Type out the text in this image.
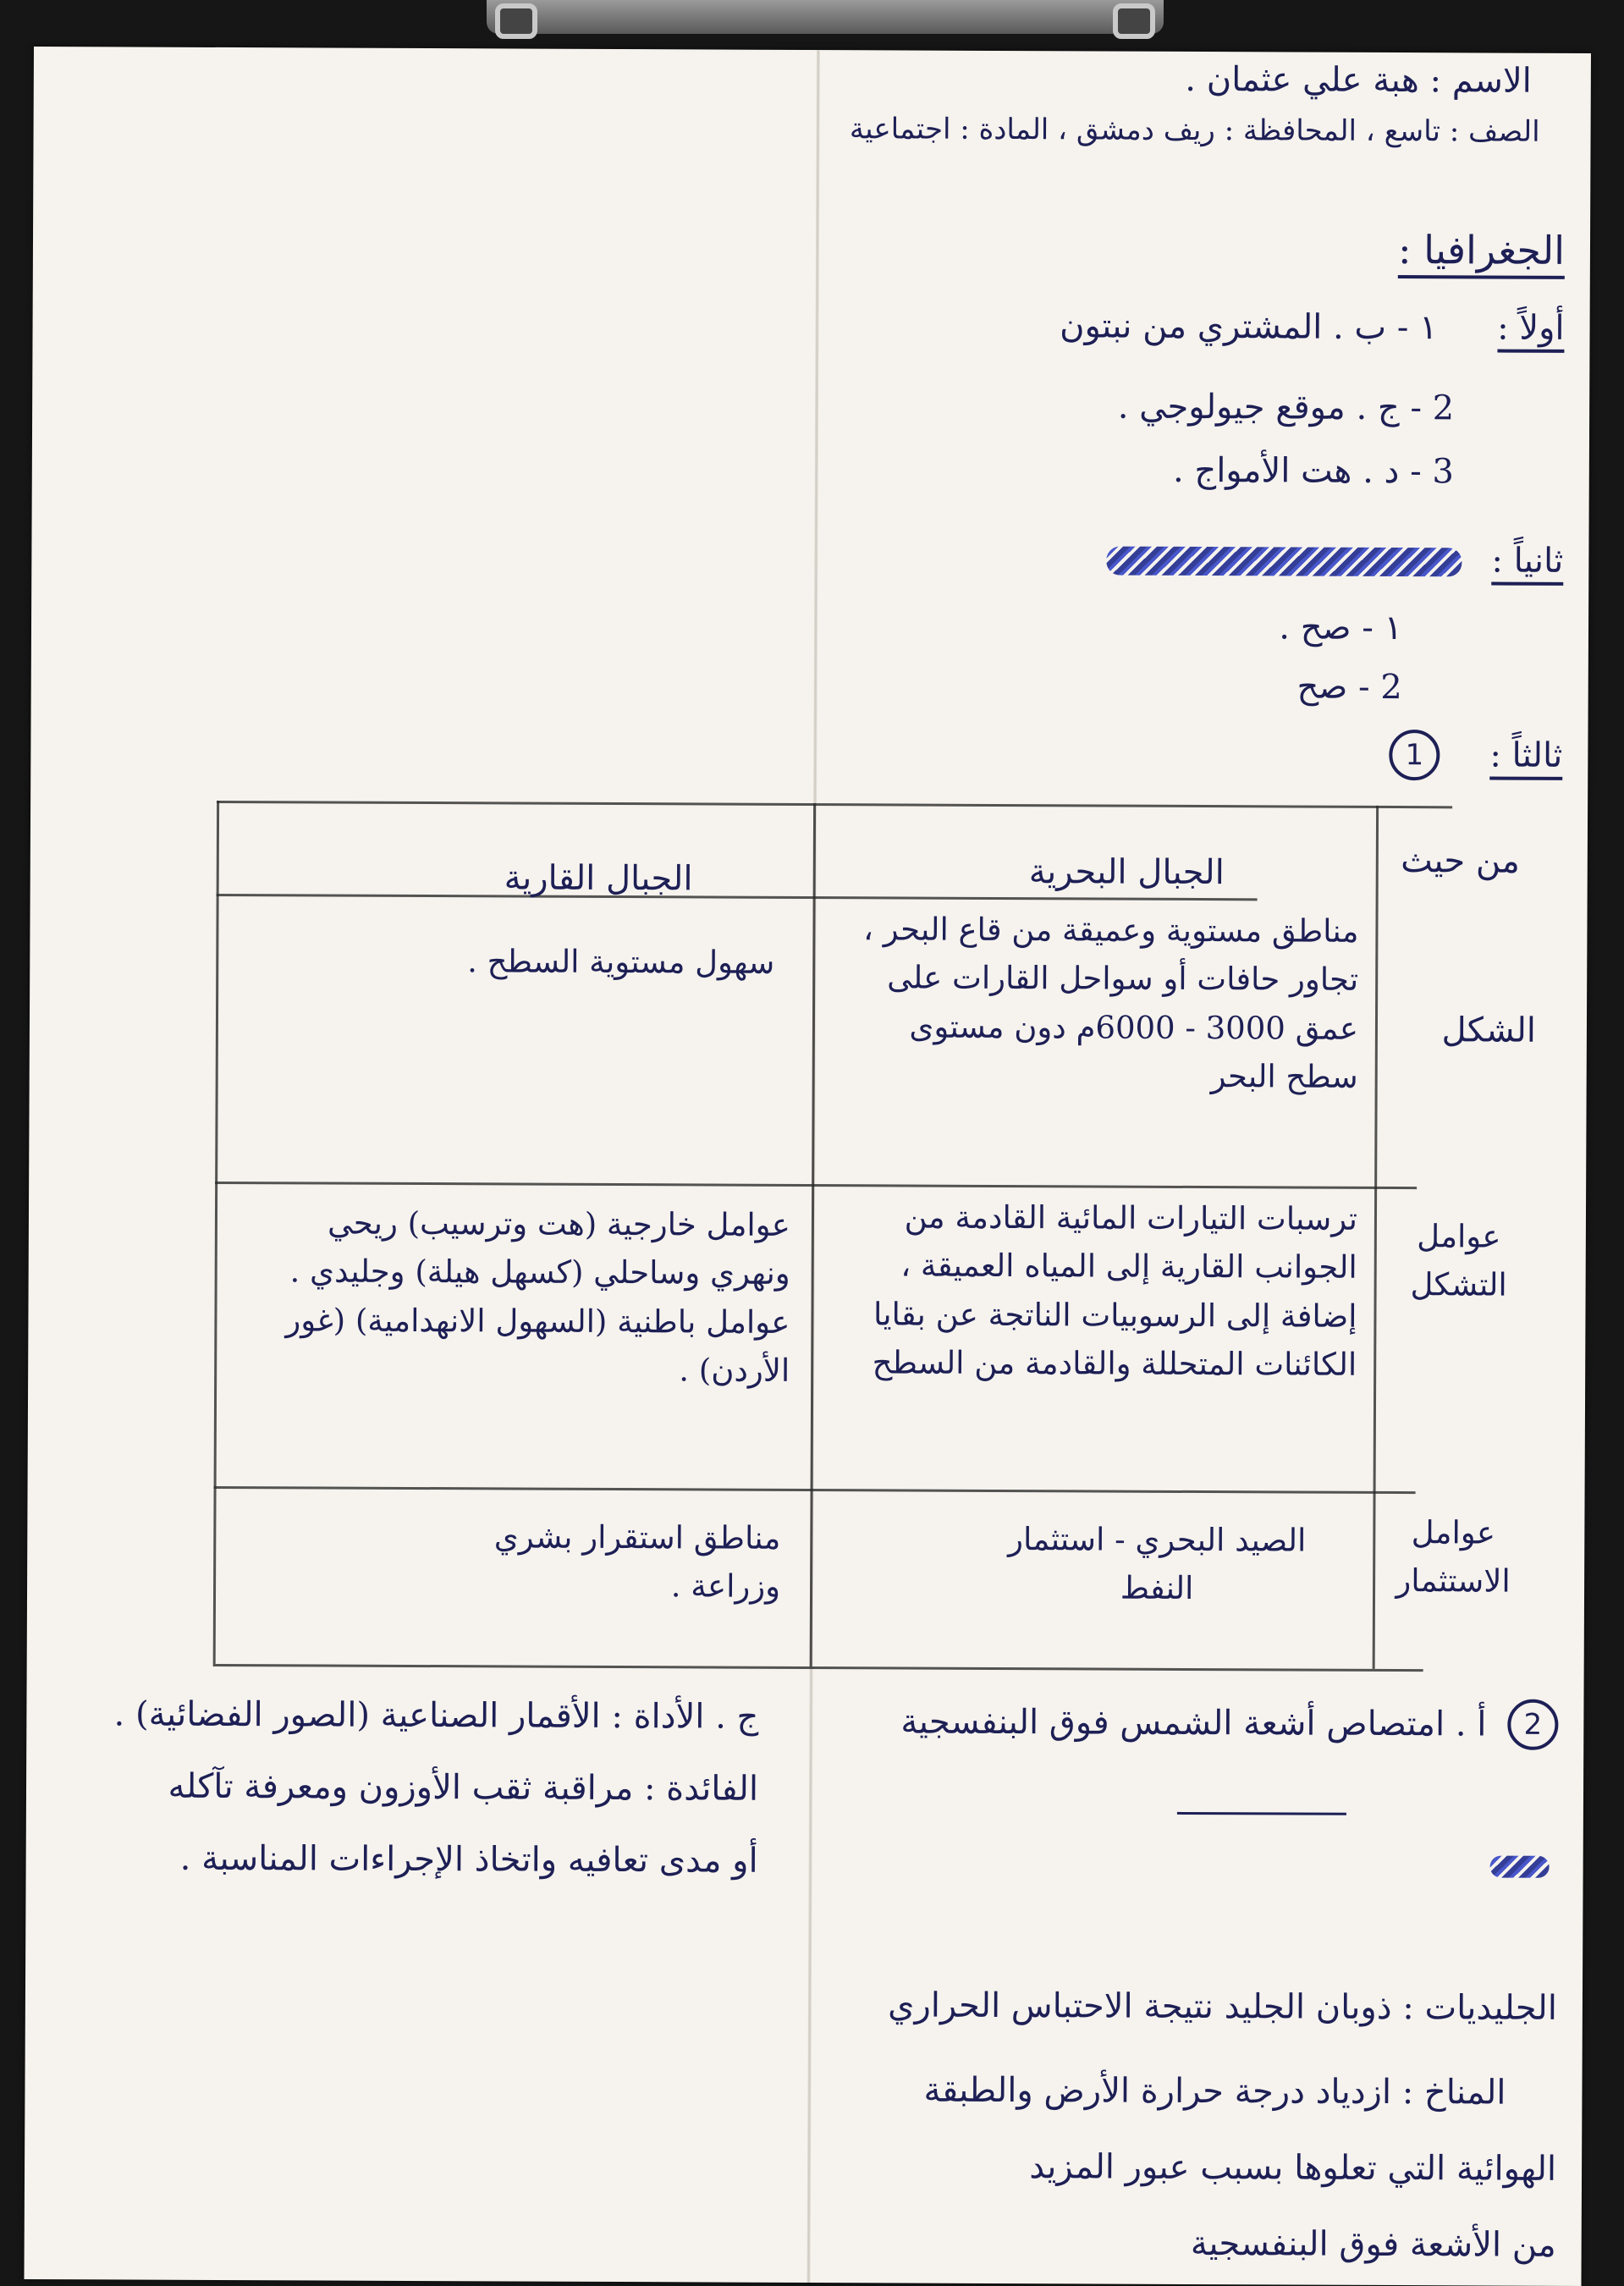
الاسم : هبة علي عثمان .
الصف : تاسع ، المحافظة : ريف دمشق ، المادة : اجتماعية
الجغرافيا :
أولاً :
١ - ب . المشتري من نبتون
2 - ج . موقع جيولوجي .
3 - د . هت الأمواج .
ثانياً :
١ - صح .
2 - صح
ثالثاً :
1
من حيث
الجبال البحرية
الجبال القارية
الشكل
مناطق مستوية وعميقة من قاع البحر ، تجاور حافات أو سواحل القارات على عمق 3000 - 6000م دون مستوى سطح البحر
سهول مستوية السطح .
عوامل التشكل
ترسبات التيارات المائية القادمة من الجوانب القارية إلى المياه العميقة ، إضافة إلى الرسوبيات الناتجة عن بقايا الكائنات المتحللة والقادمة من السطح
عوامل خارجية (هت وترسيب) ريحي ونهري وساحلي (كسهل هيلة) وجليدي . عوامل باطنية (السهول الانهدامية) (غور الأردن) .
عوامل الاستثمار
الصيد البحري - استثمار النفط
مناطق استقرار بشري وزراعة .
2
أ . امتصاص أشعة الشمس فوق البنفسجية
ج . الأداة : الأقمار الصناعية (الصور الفضائية) .
الفائدة : مراقبة ثقب الأوزون ومعرفة تآكله
أو مدى تعافيه واتخاذ الإجراءات المناسبة .
الجليديات : ذوبان الجليد نتيجة الاحتباس الحراري
المناخ : ازدياد درجة حرارة الأرض والطبقة
الهوائية التي تعلوها بسبب عبور المزيد
من الأشعة فوق البنفسجية
